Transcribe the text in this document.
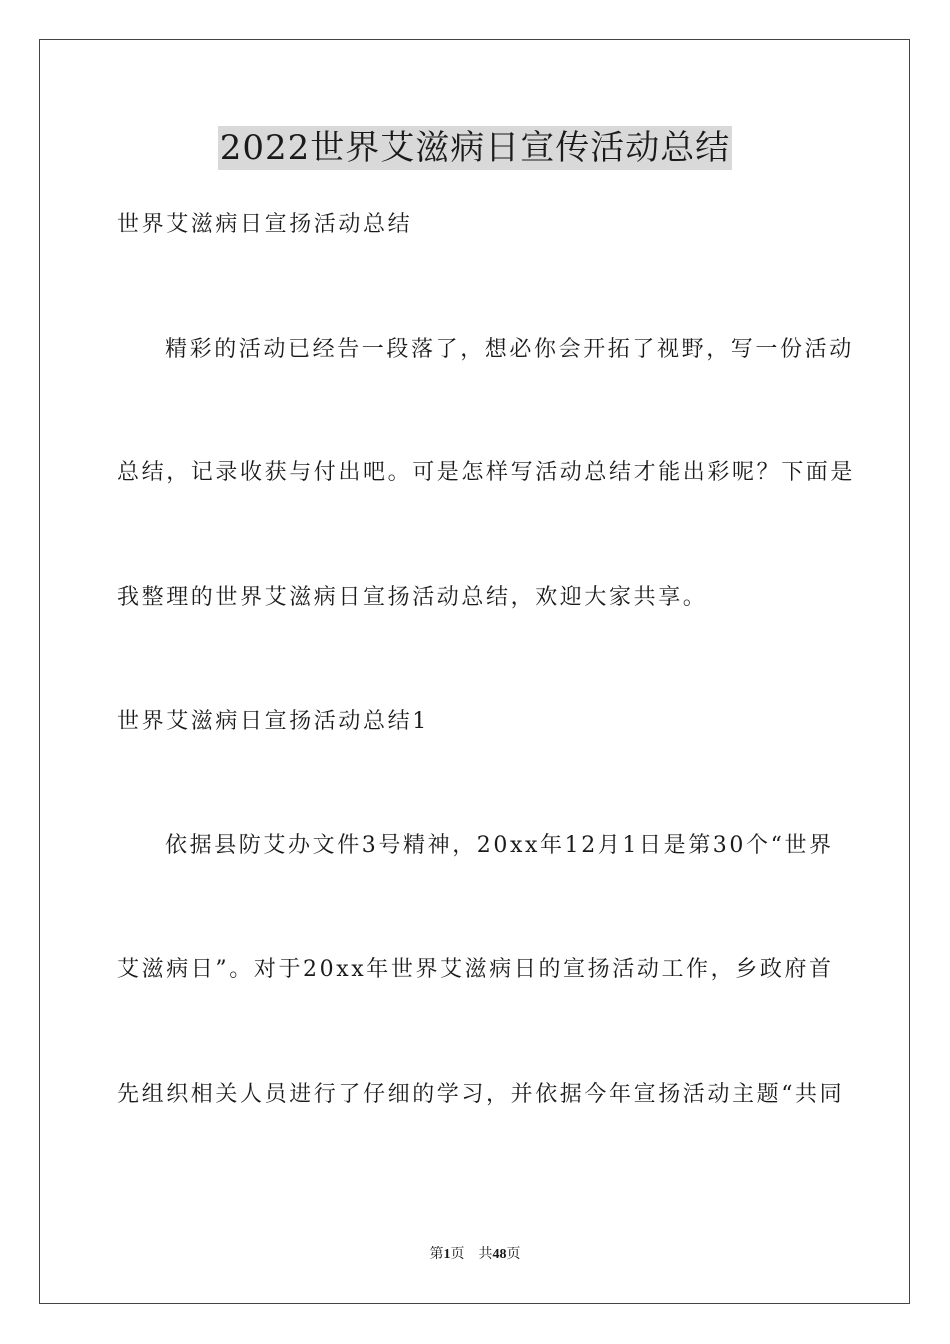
2022世界艾滋病日宣传活动总结

世界艾滋病日宣扬活动总结

精彩的活动已经告一段落了，想必你会开拓了视野，写一份活动

总结，记录收获与付出吧。可是怎样写活动总结才能出彩呢？下面是

我整理的世界艾滋病日宣扬活动总结，欢迎大家共享。

世界艾滋病日宣扬活动总结1

依据县防艾办文件3号精神，20xx年12月1日是第30个“世界

艾滋病日”。对于20xx年世界艾滋病日的宣扬活动工作，乡政府首

先组织相关人员进行了仔细的学习，并依据今年宣扬活动主题“共同

第1页 共48页
